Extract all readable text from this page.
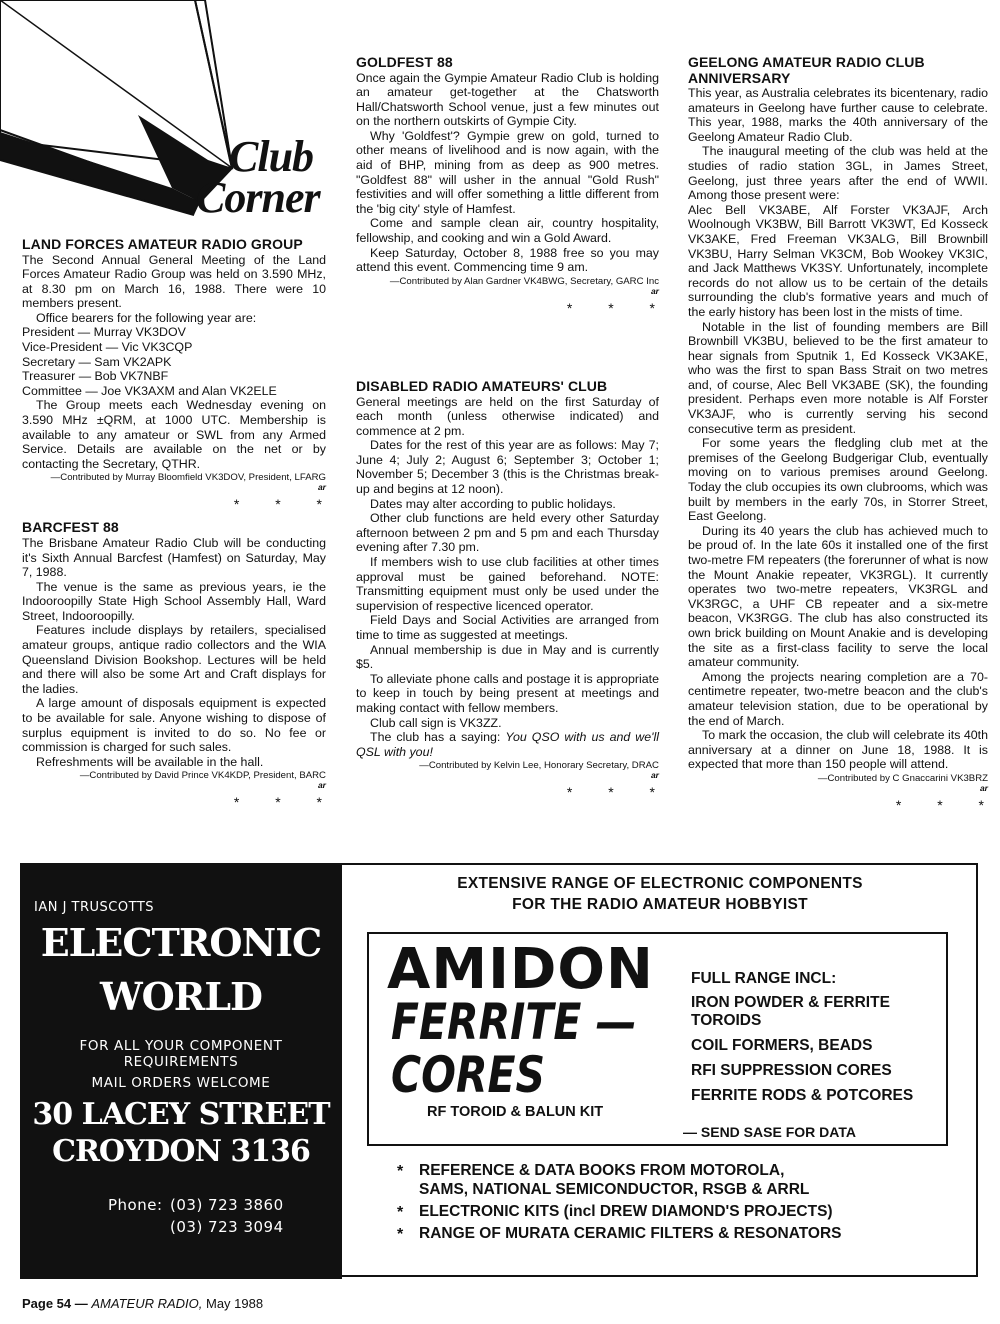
Club
Corner
LAND FORCES AMATEUR RADIO GROUP

The Second Annual General Meeting of the Land Forces Amateur Radio Group was held on 3.590 MHz, at 8.30 pm on March 16, 1988. There were 10 members present.

Office bearers for the following year are:

President — Murray VK3DOV

Vice-President — Vic VK3CQP

Secretary — Sam VK2APK

Treasurer — Bob VK7NBF

Committee — Joe VK3AXM and Alan VK2ELE

The Group meets each Wednesday evening on 3.590 MHz ±QRM, at 1000 UTC. Membership is available to any amateur or SWL from any Armed Service. Details are available on the net or by contacting the Secretary, QTHR.

—Contributed by Murray Bloomfield VK3DOV, President, LFARG
ar
* * *
BARCFEST 88

The Brisbane Amateur Radio Club will be conducting it's Sixth Annual Barcfest (Hamfest) on Saturday, May 7, 1988.

The venue is the same as previous years, ie the Indooroopilly State High School Assembly Hall, Ward Street, Indooroopilly.

Features include displays by retailers, specialised amateur groups, antique radio collectors and the WIA Queensland Division Bookshop. Lectures will be held and there will also be some Art and Craft displays for the ladies.

A large amount of disposals equipment is expected to be available for sale. Anyone wishing to dispose of surplus equipment is invited to do so. No fee or commission is charged for such sales.

Refreshments will be available in the hall.

—Contributed by David Prince VK4KDP, President, BARC
ar
* * *
GOLDFEST 88

Once again the Gympie Amateur Radio Club is holding an amateur get-together at the Chatsworth Hall/Chatsworth School venue, just a few minutes out on the northern outskirts of Gympie City.

Why 'Goldfest'? Gympie grew on gold, turned to other means of livelihood and is now again, with the aid of BHP, mining from as deep as 900 metres. "Goldfest 88" will usher in the annual "Gold Rush" festivities and will offer something a little different from the 'big city' style of Hamfest.

Come and sample clean air, country hospitality, fellowship, and cooking and win a Gold Award.

Keep Saturday, October 8, 1988 free so you may attend this event. Commencing time 9 am.

—Contributed by Alan Gardner VK4BWG, Secretary, GARC Inc
ar
* * *
DISABLED RADIO AMATEURS' CLUB

General meetings are held on the first Saturday of each month (unless otherwise indicated) and commence at 2 pm.

Dates for the rest of this year are as follows: May 7; June 4; July 2; August 6; September 3; October 1; November 5; December 3 (this is the Christmas break-up and begins at 12 noon).

Dates may alter according to public holidays.

Other club functions are held every other Saturday afternoon between 2 pm and 5 pm and each Thursday evening after 7.30 pm.

If members wish to use club facilities at other times approval must be gained beforehand. NOTE: Transmitting equipment must only be used under the supervision of respective licenced operator.

Field Days and Social Activities are arranged from time to time as suggested at meetings.

Annual membership is due in May and is currently $5.

To alleviate phone calls and postage it is appropriate to keep in touch by being present at meetings and making contact with fellow members.

Club call sign is VK3ZZ.

The club has a saying: You QSO with us and we'll QSL with you!

—Contributed by Kelvin Lee, Honorary Secretary, DRAC
ar
* * *
GEELONG AMATEUR RADIO CLUB ANNIVERSARY

This year, as Australia celebrates its bicentenary, radio amateurs in Geelong have further cause to celebrate. This year, 1988, marks the 40th anniversary of the Geelong Amateur Radio Club.

The inaugural meeting of the club was held at the studies of radio station 3GL, in James Street, Geelong, just three years after the end of WWII. Among those present were:

Alec Bell VK3ABE, Alf Forster VK3AJF, Arch Woolnough VK3BW, Bill Barrott VK3WT, Ed Kosseck VK3AKE, Fred Freeman VK3ALG, Bill Brownbill VK3BU, Harry Selman VK3CM, Bob Wookey VK3IC, and Jack Matthews VK3SY. Unfortunately, incomplete records do not allow us to be certain of the details surrounding the club's formative years and much of the early history has been lost in the mists of time.

Notable in the list of founding members are Bill Brownbill VK3BU, believed to be the first amateur to hear signals from Sputnik 1, Ed Kosseck VK3AKE, who was the first to span Bass Strait on two metres and, of course, Alec Bell VK3ABE (SK), the founding president. Perhaps even more notable is Alf Forster VK3AJF, who is currently serving his second consecutive term as president.

For some years the fledgling club met at the premises of the Geelong Budgerigar Club, eventually moving on to various premises around Geelong. Today the club occupies its own clubrooms, which was built by members in the early 70s, in Storrer Street, East Geelong.

During its 40 years the club has achieved much to be proud of. In the late 60s it installed one of the first two-metre FM repeaters (the forerunner of what is now the Mount Anakie repeater, VK3RGL). It currently operates two two-metre repeaters, VK3RGL and VK3RGC, a UHF CB repeater and a six-metre beacon, VK3RGG. The club has also constructed its own brick building on Mount Anakie and is developing the site as a first-class facility to serve the local amateur community.

Among the projects nearing completion are a 70-centimetre repeater, two-metre beacon and the club's amateur television station, due to be operational by the end of March.

To mark the occasion, the club will celebrate its 40th anniversary at a dinner on June 18, 1988. It is expected that more than 150 people will attend.

—Contributed by C Gnaccarini VK3BRZ
ar
* * *
IAN J TRUSCOTTS
ELECTRONIC
WORLD
FOR ALL YOUR COMPONENT
REQUIREMENTS
MAIL ORDERS WELCOME
30 LACEY STREET
CROYDON 3136
Phone: (03) 723 3860
(03) 723 3094
EXTENSIVE RANGE OF ELECTRONIC COMPONENTS
FOR THE RADIO AMATEUR HOBBYIST
AMIDON
FERRITE —
CORES
RF TOROID & BALUN KIT
FULL RANGE INCL:
IRON POWDER & FERRITE
TOROIDS
COIL FORMERS, BEADS
RFI SUPPRESSION CORES
FERRITE RODS & POTCORES
— SEND SASE FOR DATA
* REFERENCE & DATA BOOKS FROM MOTOROLA,
SAMS, NATIONAL SEMICONDUCTOR, RSGB & ARRL
* ELECTRONIC KITS (incl DREW DIAMOND'S PROJECTS)
* RANGE OF MURATA CERAMIC FILTERS & RESONATORS
Page 54 — AMATEUR RADIO, May 1988
